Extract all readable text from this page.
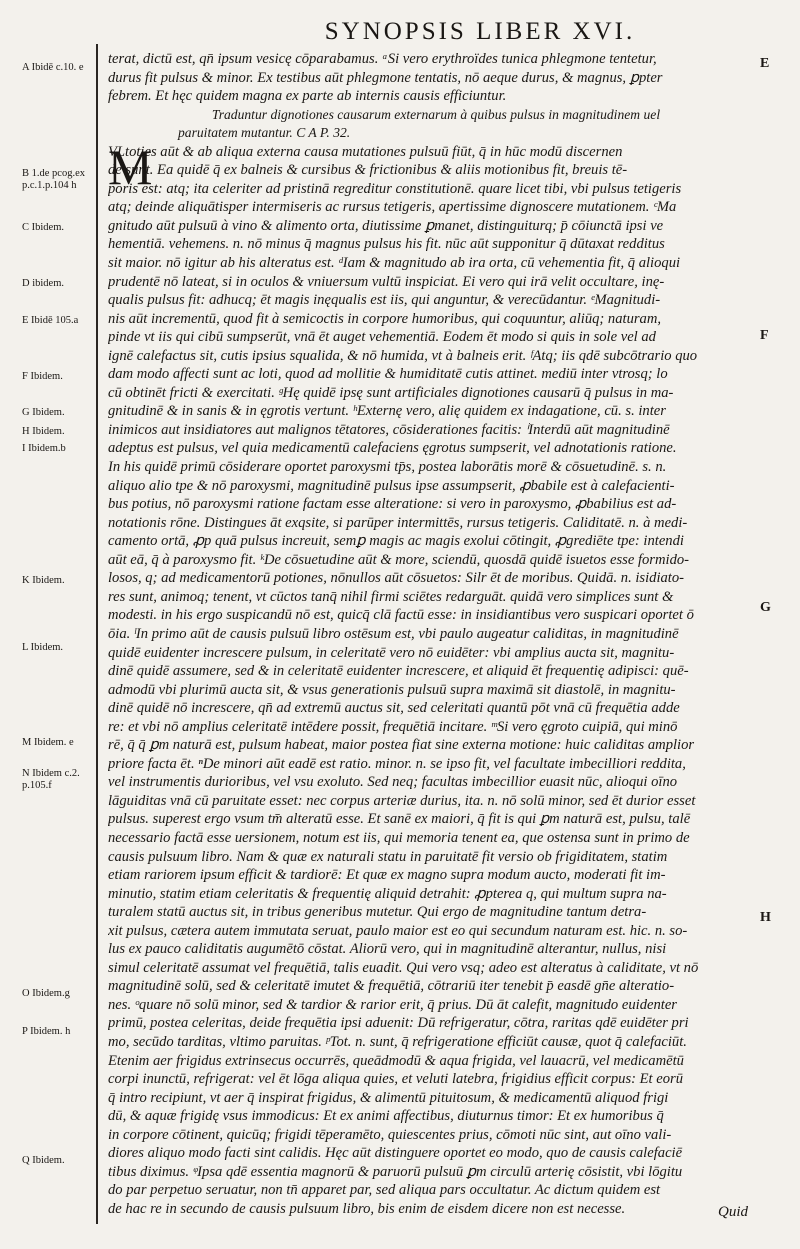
SYNOPSIS LIBER XVI.
A Ibidē c.10. e
B 1.de pcog.ex
p.c.1.p.104 h
C Ibidem.
D ibidem.
E Ibidē 105.a
F Ibidem.
G Ibidem.
H Ibidem.
I Ibidem.b
K Ibidem.
L Ibidem.
M Ibidem. e
N Ibidem c.2.
p.105.f
O Ibidem.g
P Ibidem. h
Q Ibidem.
E
F
G
H
M
terat, dictū est, qn̄ ipsum vesicę cōparabamus. ᵃSi vero erythroïdes tunica phlegmone tentetur,
durus fit pulsus & minor. Ex testibus aūt phlegmone tentatis, nō aeque durus, & magnus, ꝑpter
febrem. Et hęc quidem magna ex parte ab internis causis efficiuntur.
Traduntur dignotiones causarum externarum à quibus pulsus in magnitudinem uel
paruitatem mutantur. C A P. 32.
VLtoties aūt & ab aliqua externa causa mutationes pulsuū fiūt, q̄ in hūc modū discernen
de sunt. Ea quidē q̄ ex balneis & cursibus & frictionibus & aliis motionibus fit, breuis tē-
poris est: atq; ita celeriter ad pristinā regreditur constitutionē. quare licet tibi, vbi pulsus tetigeris
atq; deinde aliquātisper intermiseris ac rursus tetigeris, apertissime dignoscere mutationem. ᶜMa
gnitudo aūt pulsuū à vino & alimento orta, diutissime ꝑmanet, distinguiturq; p̄ cōiunctā ipsi ve
hementiā. vehemens. n. nō minus q̄ magnus pulsus his fit. nūc aūt supponitur q̄ dūtaxat redditus
sit maior. nō igitur ab his alteratus est. ᵈIam & magnitudo ab ira orta, cū vehementia fit, q̄ alioqui
prudentē nō lateat, si in oculos & vniuersum vultū inspiciat. Ei vero qui irā velit occultare, inę-
qualis pulsus fit: adhucq; ēt magis inęqualis est iis, qui anguntur, & verecūdantur. ᵉMagnitudi-
nis aūt incrementū, quod fit à semicoctis in corpore humoribus, qui coquuntur, aliūq; naturam,
pinde vt iis qui cibū sumpserūt, vnā ēt auget vehementiā. Eodem ēt modo si quis in sole vel ad
ignē calefactus sit, cutis ipsius squalida, & nō humida, vt à balneis erit. ᶠAtq; iis qdē subcōtrario quo
dam modo affecti sunt ac loti, quod ad mollitie & humiditatē cutis attinet. mediū inter vtrosq; lo
cū obtinēt fricti & exercitati. ᵍHę quidē ipsę sunt artificiales dignotiones causarū q̄ pulsus in ma-
gnitudinē & in sanis & in ęgrotis vertunt. ʰExternę vero, alię quidem ex indagatione, cū. s. inter
inimicos aut insidiatores aut malignos tētatores, cōsiderationes facitis: ⁱInterdū aūt magnitudinē
adeptus est pulsus, vel quia medicamentū calefaciens ęgrotus sumpserit, vel adnotationis ratione.
In his quidē primū cōsiderare oportet paroxysmi tp̄s, postea laborātis morē & cōsuetudinē. s. n.
aliquo alio tpe & nō paroxysmi, magnitudinē pulsus ipse assumpserit, ꝓbabile est à calefacienti-
bus potius, nō paroxysmi ratione factam esse alteratione: si vero in paroxysmo, ꝓbabilius est ad-
notationis rōne. Distingues āt exqsite, si parūper intermittēs, rursus tetigeris. Caliditatē. n. à medi-
camento ortā, ꝓp quā pulsus increuit, semꝑ magis ac magis exolui cōtingit, ꝓgrediēte tpe: intendi
aūt eā, q̄ à paroxysmo fit. ᵏDe cōsuetudine aūt & more, sciendū, quosdā quidē isuetos esse formido-
losos, q; ad medicamentorū potiones, nōnullos aūt cōsuetos: Silr ēt de moribus. Quidā. n. isidiato-
res sunt, animoq; tenent, vt cūctos tanq̄ nihil firmi sciētes redarguāt. quidā vero simplices sunt &
modesti. in his ergo suspicandū nō est, quicq̄ clā factū esse: in insidiantibus vero suspicari oportet ō
ōia. ˡIn primo aūt de causis pulsuū libro ostēsum est, vbi paulo augeatur caliditas, in magnitudinē
quidē euidenter increscere pulsum, in celeritatē vero nō euidēter: vbi amplius aucta sit, magnitu-
dinē quidē assumere, sed & in celeritatē euidenter increscere, et aliquid ēt frequentię adipisci: quē-
admodū vbi plurimū aucta sit, & vsus generationis pulsuū supra maximā sit diastolē, in magnitu-
dinē quidē nō increscere, qn̄ ad extremū auctus sit, sed celeritati quantū pōt vnā cū frequētia adde
re: et vbi nō amplius celeritatē intēdere possit, frequētiā incitare. ᵐSi vero ęgroto cuipiā, qui minō
rē, q̄ q̄ ꝑm naturā est, pulsum habeat, maior postea fiat sine externa motione: huic caliditas amplior
priore facta ēt. ⁿDe minori aūt eadē est ratio. minor. n. se ipso fit, vel facultate imbecilliori reddita,
vel instrumentis durioribus, vel vsu exoluto. Sed neq; facultas imbecillior euasit nūc, alioqui oīno
lāguiditas vnā cū paruitate esset: nec corpus arteriæ durius, ita. n. nō solū minor, sed ēt durior esset
pulsus. superest ergo vsum tm̄ alteratū esse. Et sanē ex maiori, q̄ fit is qui ꝑm naturā est, pulsu, talē
necessario factā esse uersionem, notum est iis, qui memoria tenent ea, que ostensa sunt in primo de
causis pulsuum libro. Nam & quæ ex naturali statu in paruitatē fit versio ob frigiditatem, statim
etiam rariorem ipsum efficit & tardiorē: Et quæ ex magno supra modum aucto, moderati fit im-
minutio, statim etiam celeritatis & frequentię aliquid detrahit: ꝓpterea q, qui multum supra na-
turalem statū auctus sit, in tribus generibus mutetur. Qui ergo de magnitudine tantum detra-
xit pulsus, cætera autem immutata seruat, paulo maior est eo qui secundum naturam est. hic. n. so-
lus ex pauco caliditatis augumētō cōstat. Aliorū vero, qui in magnitudinē alterantur, nullus, nisi
simul celeritatē assumat vel frequētiā, talis euadit. Qui vero vsq; adeo est alteratus à caliditate, vt nō
magnitudinē solū, sed & celeritatē imutet & frequētiā, cōtrariū iter tenebit p̄ easdē gn̄e alteratio-
nes. ᵒquare nō solū minor, sed & tardior & rarior erit, q̄ prius. Dū āt calefit, magnitudo euidenter
primū, postea celeritas, deide frequētia ipsi aduenit: Dū refrigeratur, cōtra, raritas qdē euidēter pri
mo, secūdo tarditas, vltimo paruitas. ᵖTot. n. sunt, q̄ refrigeratione efficiūt causæ, quot q̄ calefaciūt.
Etenim aer frigidus extrinsecus occurrēs, queādmodū & aqua frigida, vel lauacrū, vel medicamētū
corpi inunctū, refrigerat: vel ēt lōga aliqua quies, et veluti latebra, frigidius efficit corpus: Et eorū
q̄ intro recipiunt, vt aer q̄ inspirat frigidus, & alimentū pituitosum, & medicamentū aliquod frigi
dū, & aquæ frigidę vsus immodicus: Et ex animi affectibus, diuturnus timor: Et ex humoribus q̄
in corpore cōtinent, quicūq; frigidi tēperamēto, quiescentes prius, cōmoti nūc sint, aut oīno vali-
diores aliquo modo facti sint calidis. Hęc aūt distinguere oportet eo modo, quo de causis calefaciē
tibus diximus. ᵠIpsa qdē essentia magnorū & paruorū pulsuū ꝑm circulū arterię cōsistit, vbi lōgitu
do par perpetuo seruatur, non tn̄ apparet par, sed aliqua pars occultatur. Ac dictum quidem est
de hac re in secundo de causis pulsuum libro, bis enim de eisdem dicere non est necesse.	Quid
